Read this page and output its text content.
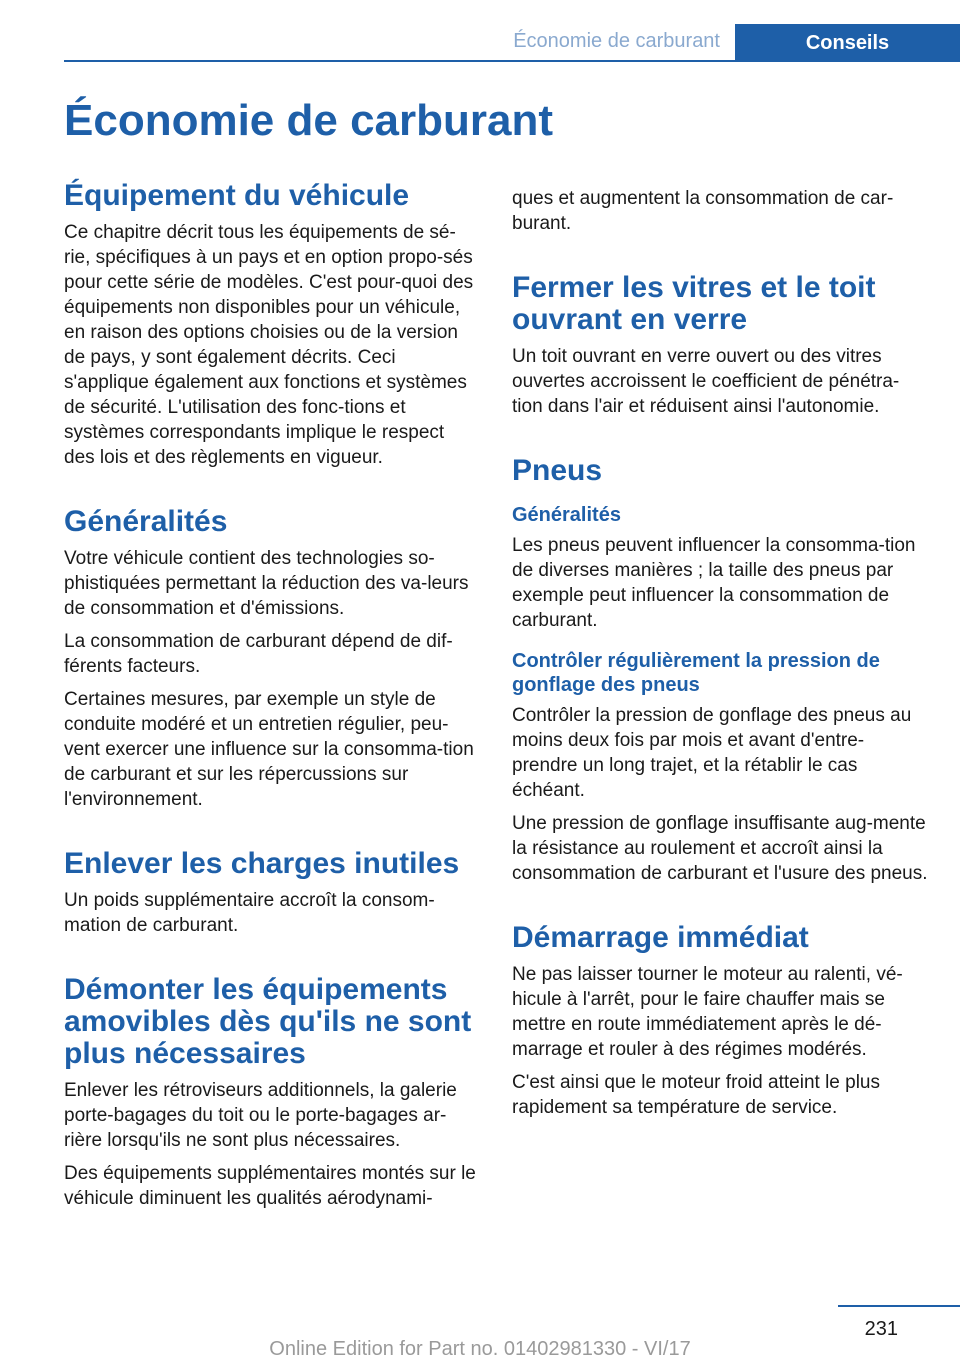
Économie de carburant	Conseils
Économie de carburant
Équipement du véhicule

Ce chapitre décrit tous les équipements de sé-rie, spécifiques à un pays et en option propo-sés pour cette série de modèles. C'est pour-quoi des équipements non disponibles pour un véhicule, en raison des options choisies ou de la version de pays, y sont également décrits. Ceci s'applique également aux fonctions et systèmes de sécurité. L'utilisation des fonc-tions et systèmes correspondants implique le respect des lois et des règlements en vigueur.

Généralités

Votre véhicule contient des technologies so-phistiquées permettant la réduction des va-leurs de consommation et d'émissions.

La consommation de carburant dépend de dif-férents facteurs.

Certaines mesures, par exemple un style de conduite modéré et un entretien régulier, peu-vent exercer une influence sur la consomma-tion de carburant et sur les répercussions sur l'environnement.

Enlever les charges inutiles

Un poids supplémentaire accroît la consom-mation de carburant.

Démonter les équipements amovibles dès qu'ils ne sont plus nécessaires

Enlever les rétroviseurs additionnels, la galerie porte-bagages du toit ou le porte-bagages ar-rière lorsqu'ils ne sont plus nécessaires.

Des équipements supplémentaires montés sur le véhicule diminuent les qualités aérodynami-

ques et augmentent la consommation de car-burant.

Fermer les vitres et le toit ouvrant en verre

Un toit ouvrant en verre ouvert ou des vitres ouvertes accroissent le coefficient de pénétra-tion dans l'air et réduisent ainsi l'autonomie.

Pneus
Généralités

Les pneus peuvent influencer la consomma-tion de diverses manières ; la taille des pneus par exemple peut influencer la consommation de carburant.

Contrôler régulièrement la pression de gonflage des pneus

Contrôler la pression de gonflage des pneus au moins deux fois par mois et avant d'entre-prendre un long trajet, et la rétablir le cas échéant.

Une pression de gonflage insuffisante aug-mente la résistance au roulement et accroît ainsi la consommation de carburant et l'usure des pneus.

Démarrage immédiat

Ne pas laisser tourner le moteur au ralenti, vé-hicule à l'arrêt, pour le faire chauffer mais se mettre en route immédiatement après le dé-marrage et rouler à des régimes modérés.

C'est ainsi que le moteur froid atteint le plus rapidement sa température de service.

231
Online Edition for Part no. 01402981330 - VI/17
